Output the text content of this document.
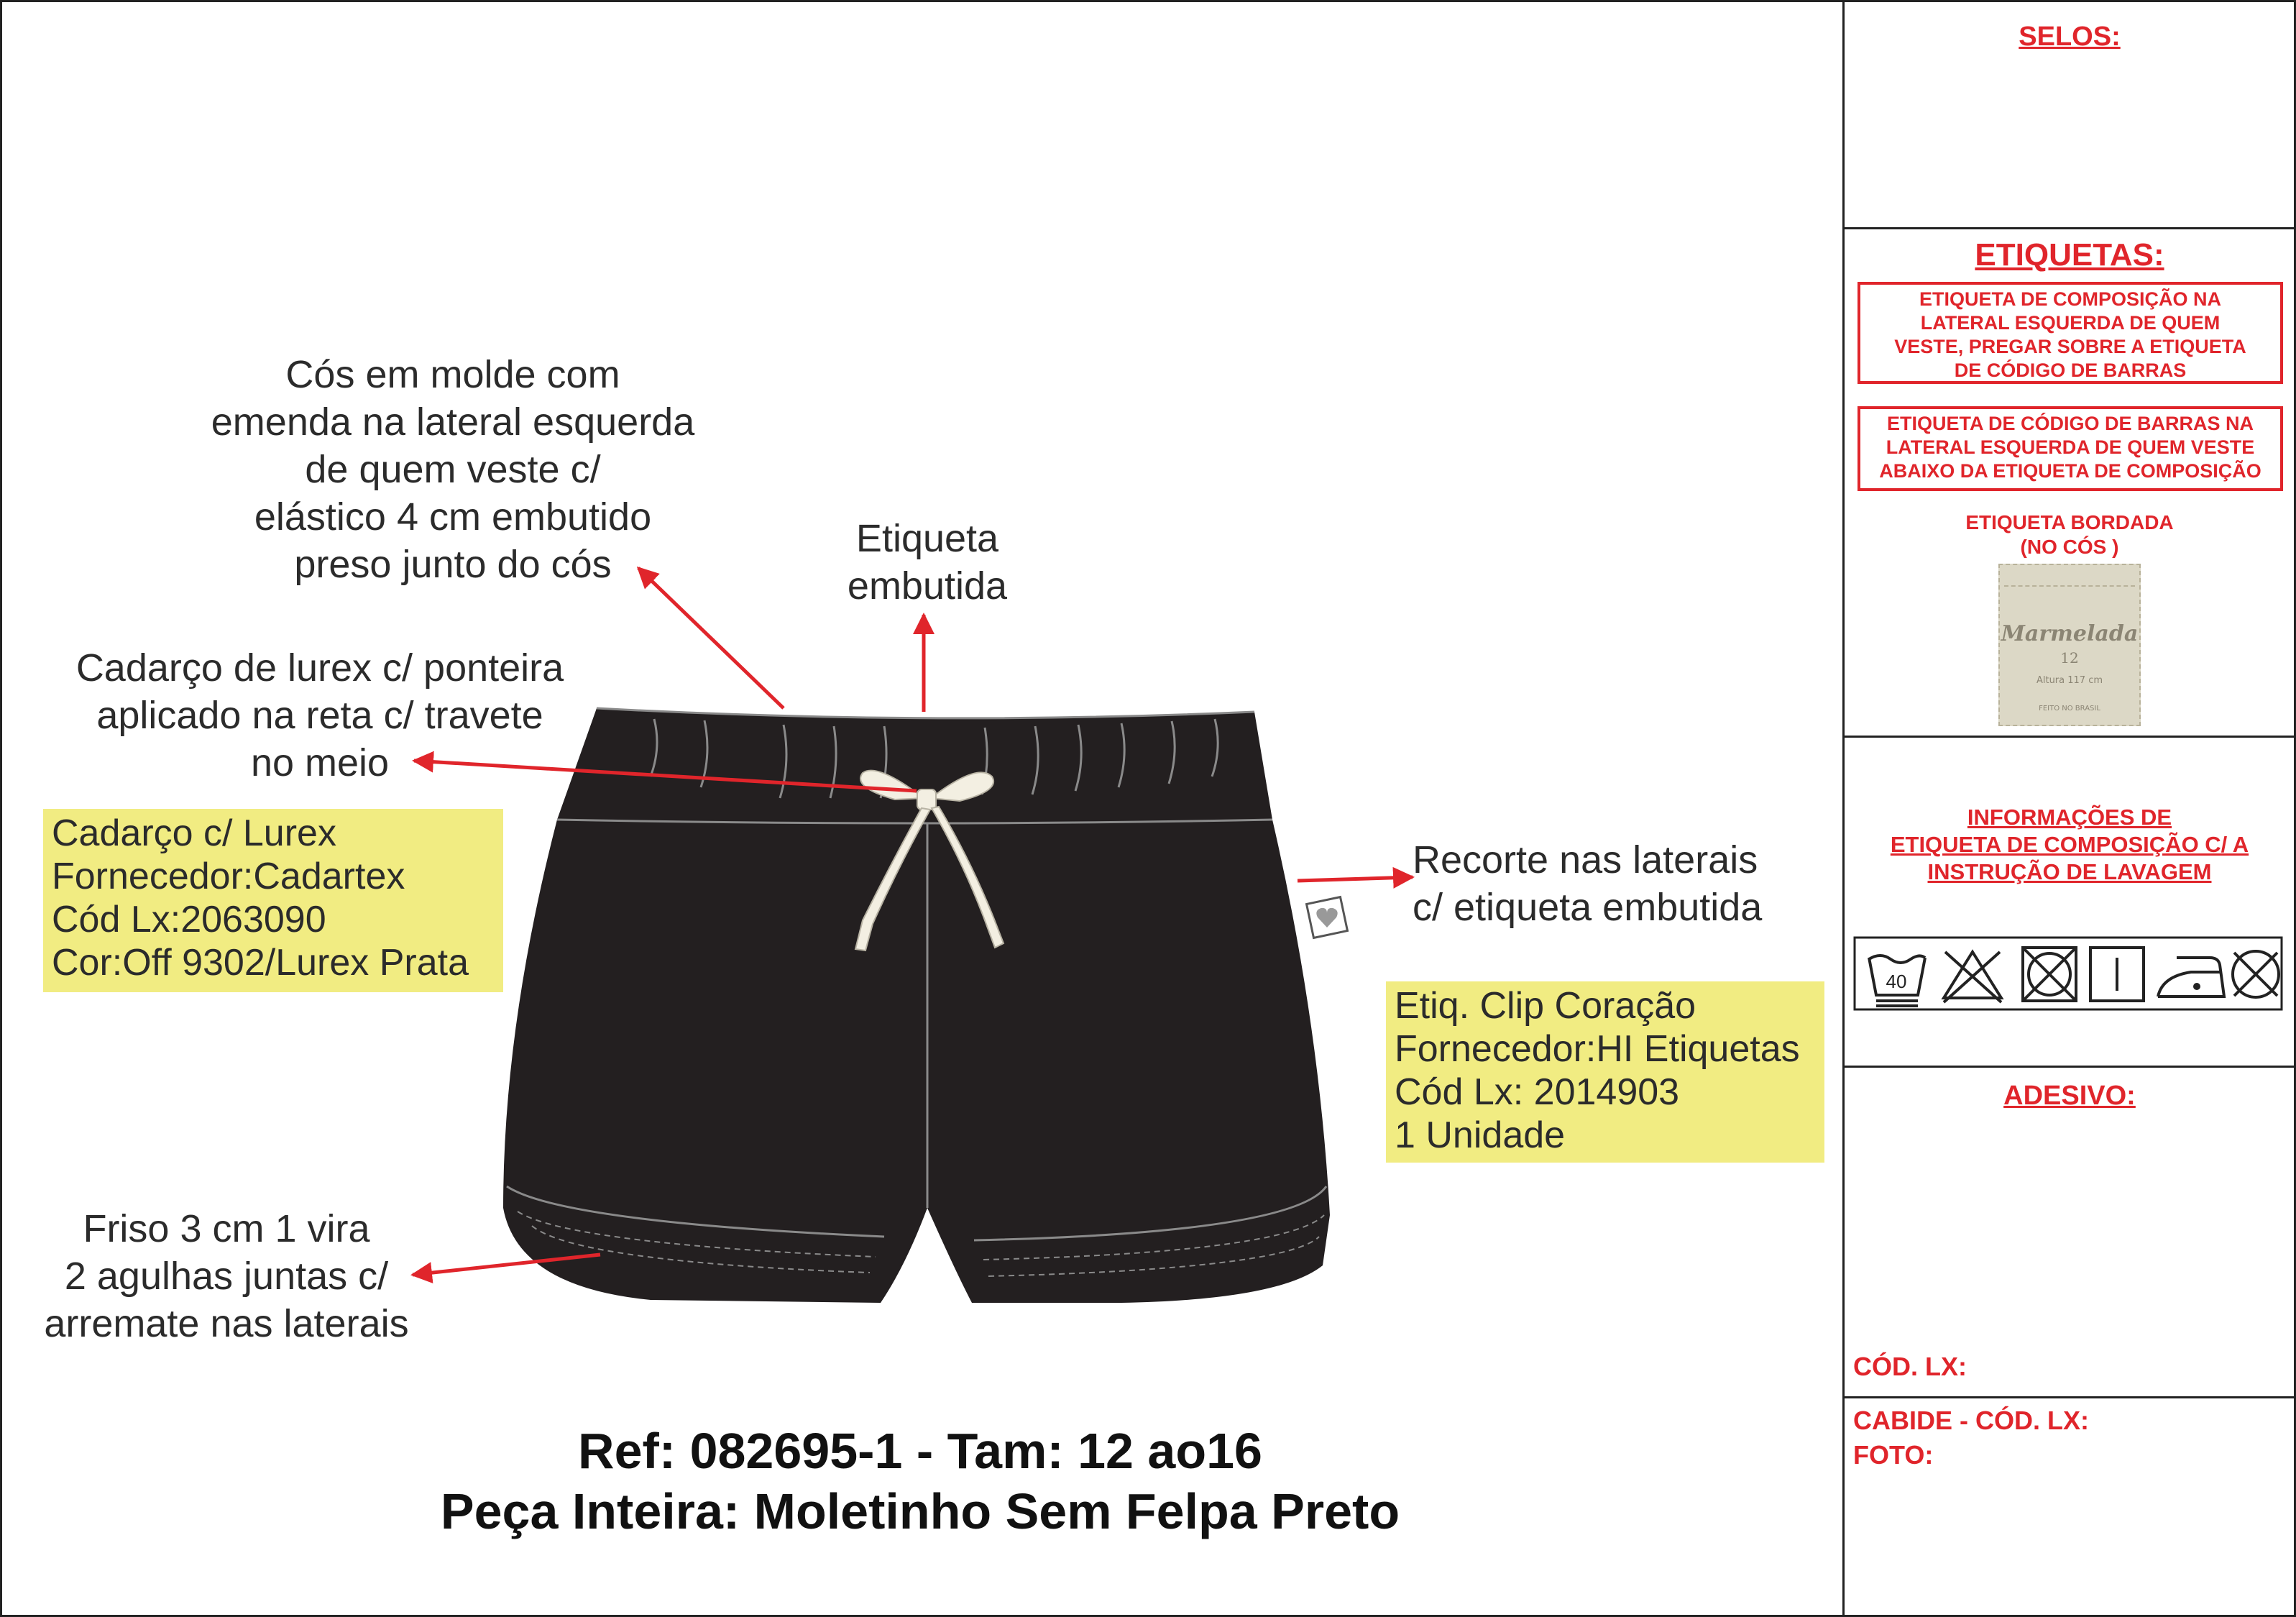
Cós em molde com
emenda na lateral esquerda
de quem veste c/
elástico 4 cm embutido
preso junto do cós
Etiqueta
embutida
Cadarço de lurex c/ ponteira
aplicado na reta c/ travete
no meio
Recorte nas laterais
c/ etiqueta embutida
Friso 3 cm 1 vira
2 agulhas juntas c/
arremate nas laterais
Cadarço c/ Lurex
Fornecedor:Cadartex
Cód Lx:2063090
Cor:Off 9302/Lurex Prata
Etiq. Clip Coração
Fornecedor:HI Etiquetas
Cód Lx: 2014903
1 Unidade
Ref: 082695-1 - Tam: 12 ao16
Peça Inteira: Moletinho Sem Felpa Preto
SELOS:
ETIQUETAS:
ETIQUETA DE COMPOSIÇÃO NA
LATERAL ESQUERDA DE QUEM
VESTE, PREGAR SOBRE A ETIQUETA
DE CÓDIGO DE BARRAS
ETIQUETA DE CÓDIGO DE BARRAS NA
LATERAL ESQUERDA DE QUEM VESTE
ABAIXO DA ETIQUETA DE COMPOSIÇÃO
ETIQUETA BORDADA
(NO CÓS )
Marmelada
12
Altura 117 cm
FEITO NO BRASIL
INFORMAÇÕES DE
ETIQUETA DE COMPOSIÇÃO C/ A
INSTRUÇÃO DE LAVAGEM
40
ADESIVO:
CÓD. LX:
CABIDE - CÓD. LX:
FOTO:
